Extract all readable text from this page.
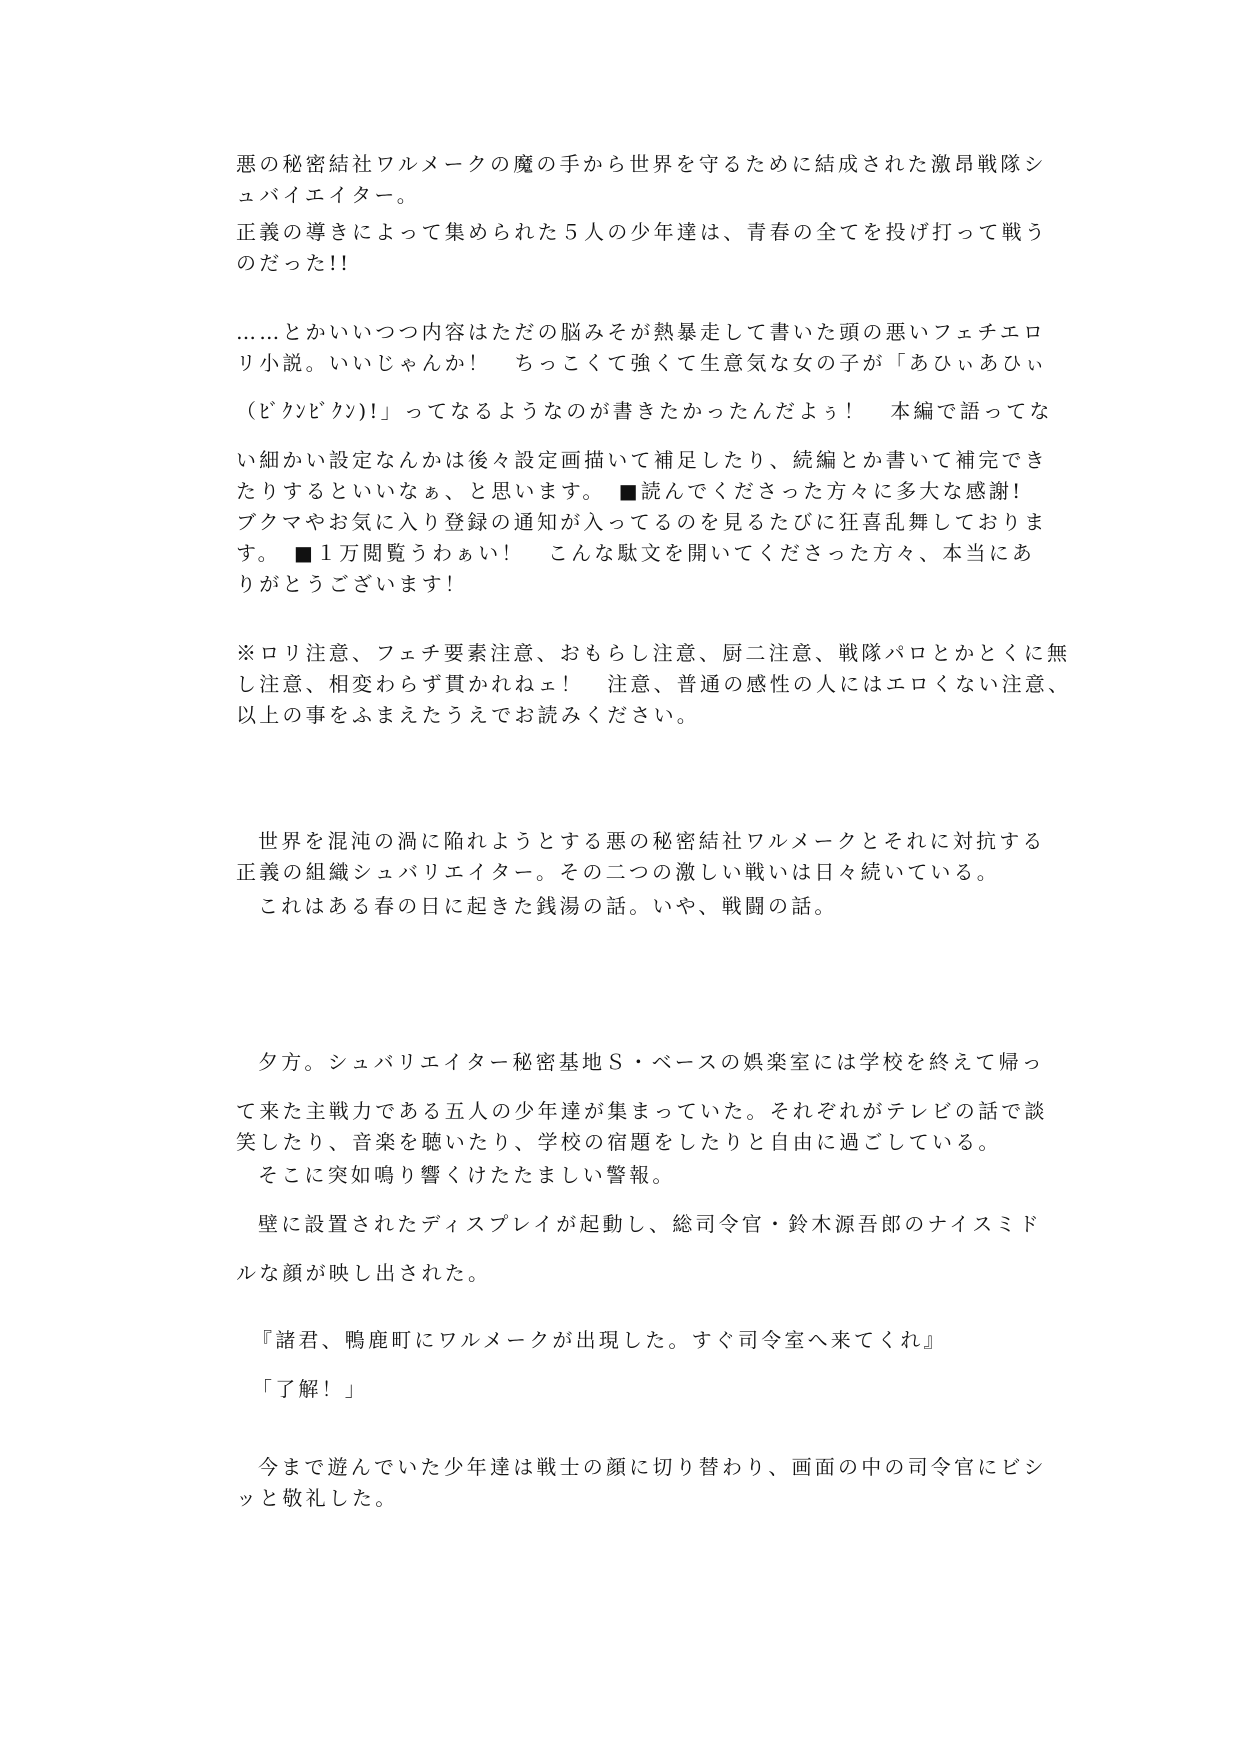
悪の秘密結社ワルメークの魔の手から世界を守るために結成された激昂戦隊シ
ュバイエイター。
正義の導きによって集められた５人の少年達は、青春の全てを投げ打って戦う
のだった!!
……とかいいつつ内容はただの脳みそが熱暴走して書いた頭の悪いフェチエロ
リ小説。いいじゃんか！　ちっこくて強くて生意気な女の子が「あひぃあひぃ
（ﾋﾞｸﾝﾋﾞｸﾝ)!」ってなるようなのが書きたかったんだよぅ！　本編で語ってな
い細かい設定なんかは後々設定画描いて補足したり、続編とか書いて補完でき
たりするといいなぁ、と思います。　■読んでくださった方々に多大な感謝!
ブクマやお気に入り登録の通知が入ってるのを見るたびに狂喜乱舞しておりま
す。　■１万閲覧うわぁい！　こんな駄文を開いてくださった方々、本当にあ
りがとうございます！
※ロリ注意、フェチ要素注意、おもらし注意、厨二注意、戦隊パロとかとくに無
し注意、相変わらず貫かれねェ！　注意、普通の感性の人にはエロくない注意、
以上の事をふまえたうえでお読みください。
世界を混沌の渦に陥れようとする悪の秘密結社ワルメークとそれに対抗する
正義の組織シュバリエイター。その二つの激しい戦いは日々続いている。
これはある春の日に起きた銭湯の話。いや、戦闘の話。
夕方。シュバリエイター秘密基地Ｓ・ベースの娯楽室には学校を終えて帰っ
て来た主戦力である五人の少年達が集まっていた。それぞれがテレビの話で談
笑したり、音楽を聴いたり、学校の宿題をしたりと自由に過ごしている。
そこに突如鳴り響くけたたましい警報。
壁に設置されたディスプレイが起動し、総司令官・鈴木源吾郎のナイスミド
ルな顔が映し出された。
『諸君、鴨鹿町にワルメークが出現した。すぐ司令室へ来てくれ』
「了解！」
今まで遊んでいた少年達は戦士の顔に切り替わり、画面の中の司令官にビシ
ッと敬礼した。
